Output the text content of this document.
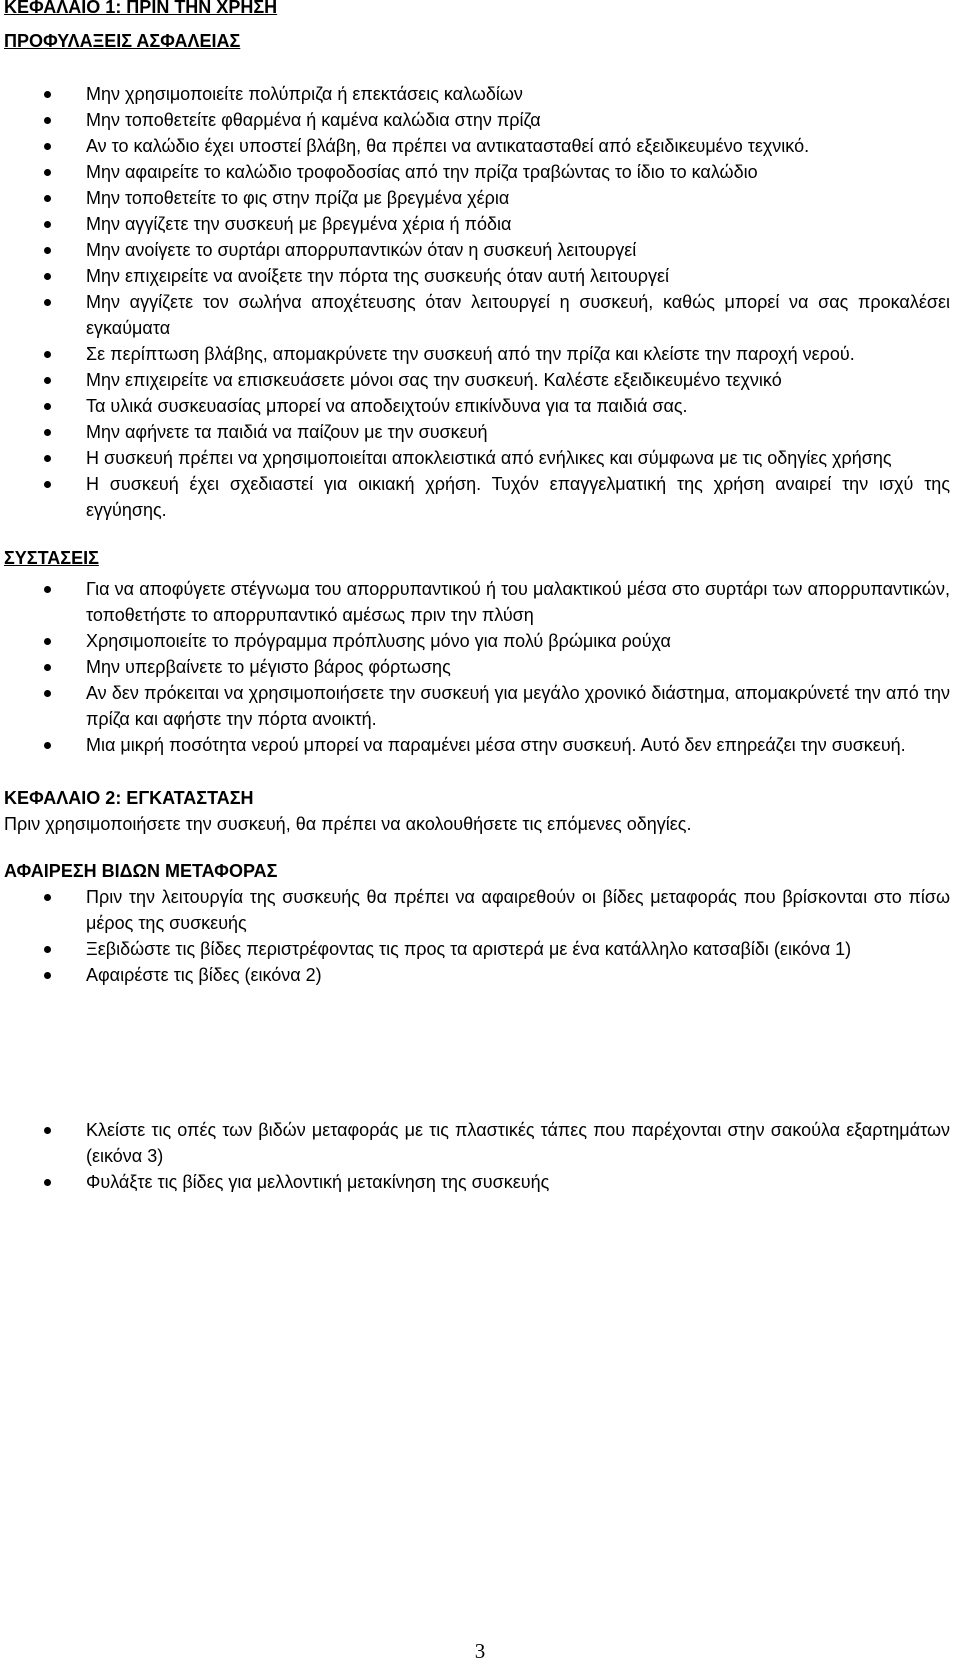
ΚΕΦΑΛΑΙΟ 1: ΠΡΙΝ ΤΗΝ ΧΡΗΣΗ
ΠΡΟΦΥΛΑΞΕΙΣ ΑΣΦΑΛΕΙΑΣ
Μην χρησιμοποιείτε πολύπριζα ή επεκτάσεις καλωδίων
Μην τοποθετείτε φθαρμένα ή καμένα καλώδια στην πρίζα
Αν το καλώδιο έχει υποστεί βλάβη, θα πρέπει να αντικατασταθεί από εξειδικευμένο τεχνικό.
Μην αφαιρείτε το καλώδιο τροφοδοσίας από την πρίζα τραβώντας το ίδιο το καλώδιο
Μην τοποθετείτε το φις στην πρίζα με βρεγμένα χέρια
Μην αγγίζετε την συσκευή με βρεγμένα χέρια ή πόδια
Μην ανοίγετε το συρτάρι απορρυπαντικών όταν η συσκευή λειτουργεί
Μην επιχειρείτε να ανοίξετε την πόρτα της συσκευής όταν αυτή λειτουργεί
Μην αγγίζετε τον σωλήνα αποχέτευσης όταν λειτουργεί η συσκευή, καθώς μπορεί να σας προκαλέσει εγκαύματα
Σε περίπτωση βλάβης, απομακρύνετε την συσκευή από την πρίζα και κλείστε την παροχή νερού.
Μην επιχειρείτε να επισκευάσετε μόνοι σας την συσκευή. Καλέστε εξειδικευμένο τεχνικό
Τα υλικά συσκευασίας μπορεί να αποδειχτούν επικίνδυνα για τα παιδιά σας.
Μην αφήνετε τα παιδιά να παίζουν με την συσκευή
Η συσκευή πρέπει να χρησιμοποιείται αποκλειστικά από ενήλικες και σύμφωνα με τις οδηγίες χρήσης
Η συσκευή έχει σχεδιαστεί για οικιακή χρήση. Τυχόν επαγγελματική της χρήση αναιρεί την ισχύ της εγγύησης.
ΣΥΣΤΑΣΕΙΣ
Για να αποφύγετε στέγνωμα του απορρυπαντικού ή του μαλακτικού μέσα στο συρτάρι των απορρυπαντικών, τοποθετήστε το απορρυπαντικό αμέσως πριν την πλύση
Χρησιμοποιείτε το πρόγραμμα πρόπλυσης μόνο για πολύ βρώμικα ρούχα
Μην υπερβαίνετε το μέγιστο βάρος φόρτωσης
Αν δεν πρόκειται να χρησιμοποιήσετε την συσκευή για μεγάλο χρονικό διάστημα, απομακρύνετέ την από την πρίζα και αφήστε την πόρτα ανοικτή.
Μια μικρή ποσότητα νερού μπορεί να παραμένει μέσα στην συσκευή. Αυτό δεν επηρεάζει την συσκευή.
ΚΕΦΑΛΑΙΟ 2: ΕΓΚΑΤΑΣΤΑΣΗ

Πριν χρησιμοποιήσετε την συσκευή, θα πρέπει να ακολουθήσετε τις επόμενες οδηγίες.

ΑΦΑΙΡΕΣΗ ΒΙΔΩΝ ΜΕΤΑΦΟΡΑΣ
Πριν την λειτουργία της συσκευής θα πρέπει να αφαιρεθούν οι βίδες μεταφοράς που βρίσκονται στο πίσω μέρος της συσκευής
Ξεβιδώστε τις βίδες περιστρέφοντας τις προς τα αριστερά με ένα κατάλληλο κατσαβίδι (εικόνα 1)
Αφαιρέστε τις βίδες (εικόνα 2)
Κλείστε τις οπές των βιδών μεταφοράς με τις πλαστικές τάπες που παρέχονται στην σακούλα εξαρτημάτων (εικόνα 3)
Φυλάξτε τις βίδες για μελλοντική μετακίνηση της συσκευής
3
